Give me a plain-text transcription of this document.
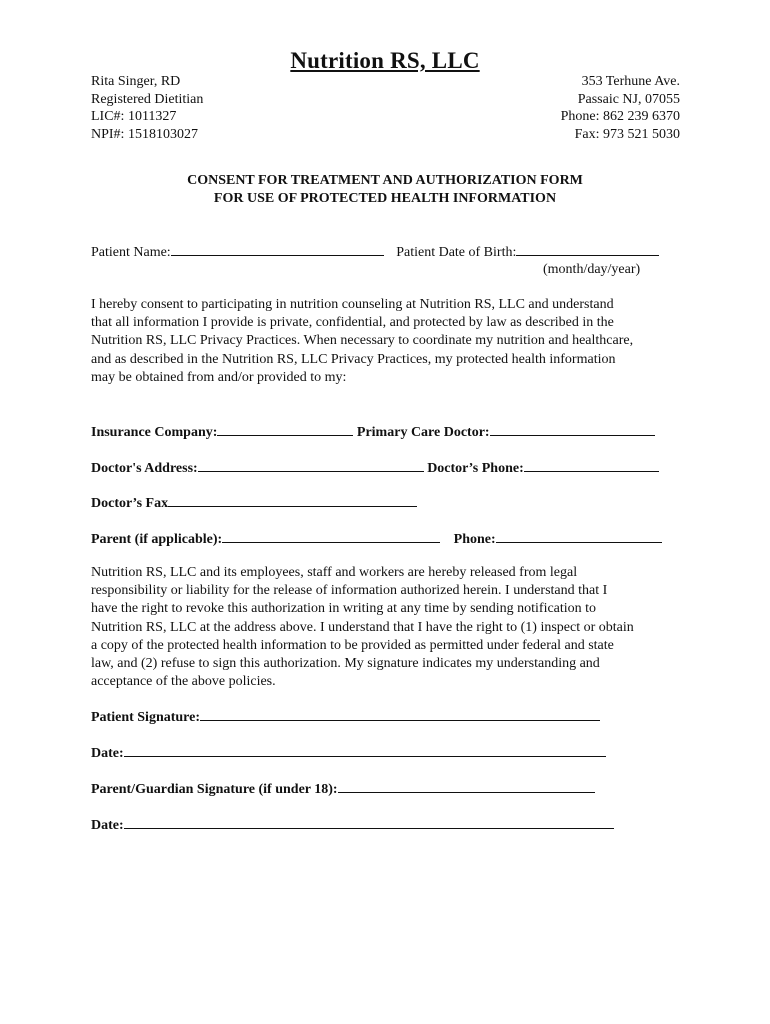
Nutrition RS, LLC
Rita Singer, RD
Registered Dietitian
LIC#: 1011327
NPI#: 1518103027
353 Terhune Ave.
Passaic NJ, 07055
Phone: 862 239 6370
Fax: 973 521 5030
CONSENT FOR TREATMENT AND AUTHORIZATION FORM
FOR USE OF PROTECTED HEALTH INFORMATION
Patient Name:	Patient Date of Birth:
(month/day/year)
I hereby consent to participating in nutrition counseling at Nutrition RS, LLC and understand
that all information I provide is private, confidential, and protected by law as described in the
Nutrition RS, LLC Privacy Practices. When necessary to coordinate my nutrition and healthcare,
and as described in the Nutrition RS, LLC Privacy Practices, my protected health information
may be obtained from and/or provided to my:
Insurance Company:	Primary Care Doctor:
Doctor's Address:	Doctor’s Phone:
Doctor’s Fax
Parent (if applicable):	Phone:
Nutrition RS, LLC and its employees, staff and workers are hereby released from legal
responsibility or liability for the release of information authorized herein. I understand that I
have the right to revoke this authorization in writing at any time by sending notification to
Nutrition RS, LLC at the address above. I understand that I have the right to (1) inspect or obtain
a copy of the protected health information to be provided as permitted under federal and state
law, and (2) refuse to sign this authorization. My signature indicates my understanding and
acceptance of the above policies.
Patient Signature:
Date:
Parent/Guardian Signature (if under 18):
Date:
